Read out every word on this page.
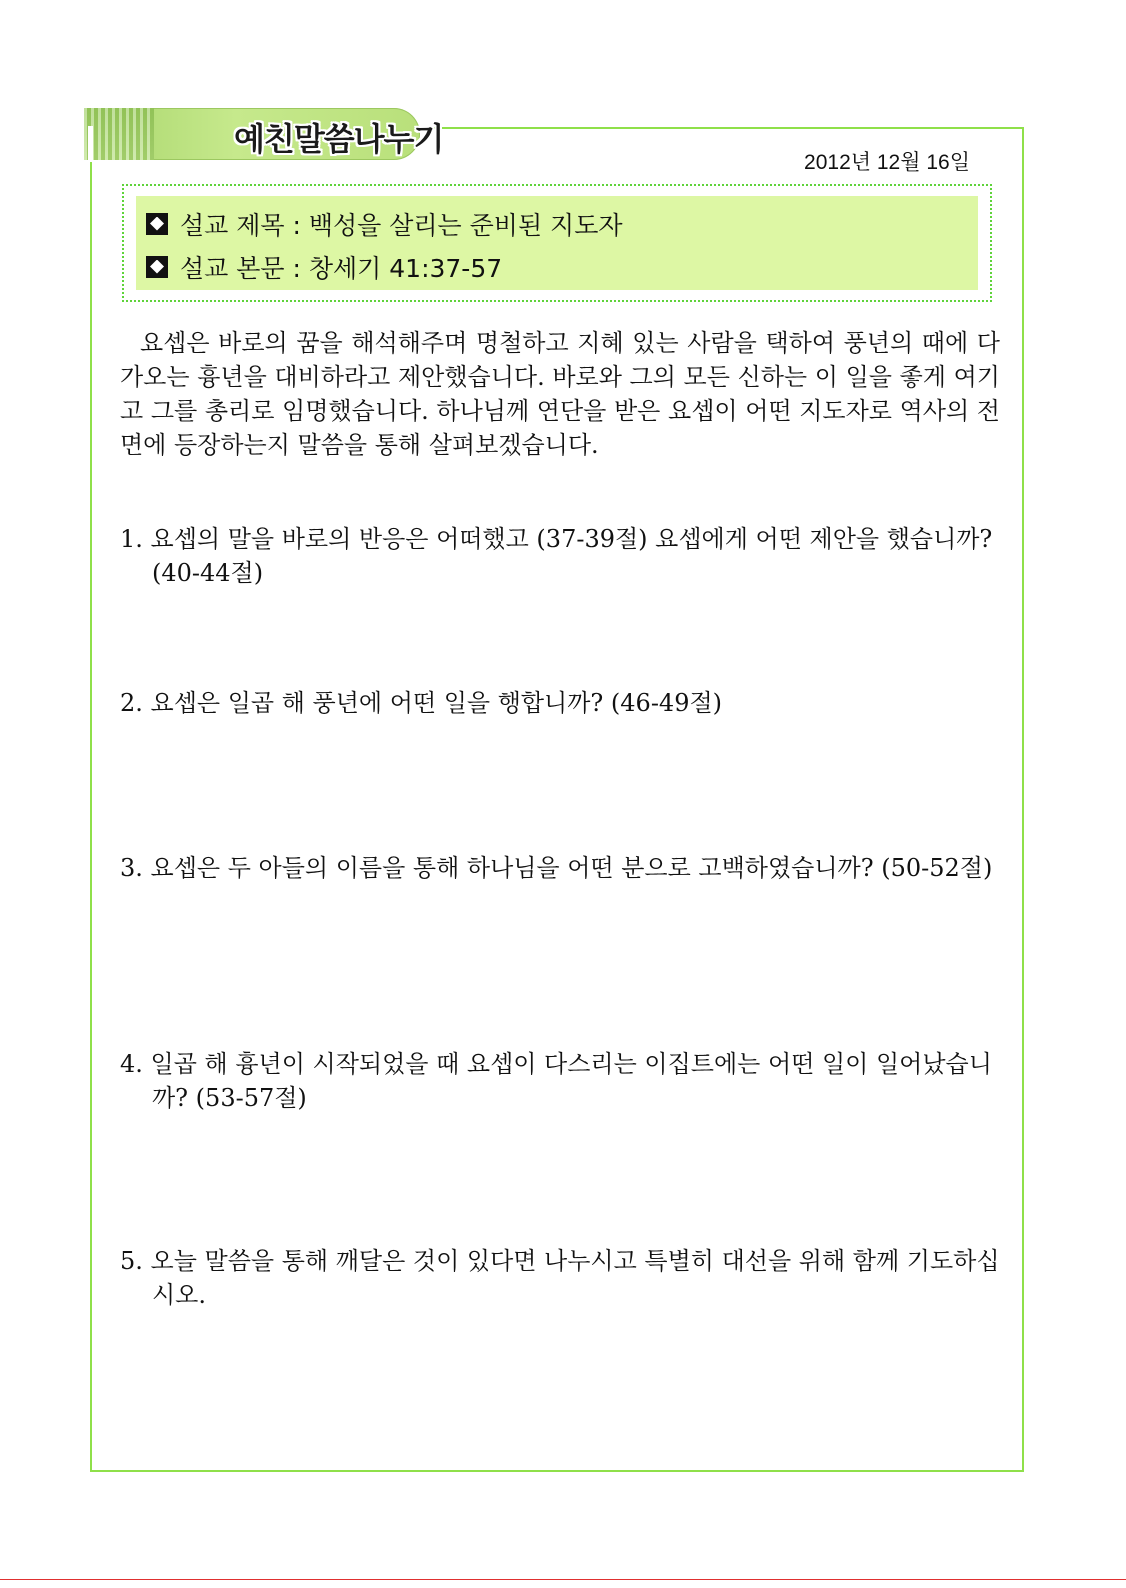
예친말씀나누기
2012년 12월 16일
설교 제목 : 백성을 살리는 준비된 지도자
설교 본문 : 창세기 41:37-57
요셉은 바로의 꿈을 해석해주며 명철하고 지혜 있는 사람을 택하여 풍년의 때에 다가오는 흉년을 대비하라고 제안했습니다. 바로와 그의 모든 신하는 이 일을 좋게 여기고 그를 총리로 임명했습니다. 하나님께 연단을 받은 요셉이 어떤 지도자로 역사의 전면에 등장하는지 말씀을 통해 살펴보겠습니다.
1. 요셉의 말을 바로의 반응은 어떠했고 (37-39절) 요셉에게 어떤 제안을 했습니까? (40-44절)
2. 요셉은 일곱 해 풍년에 어떤 일을 행합니까? (46-49절)
3. 요셉은 두 아들의 이름을 통해 하나님을 어떤 분으로 고백하였습니까? (50-52절)
4. 일곱 해 흉년이 시작되었을 때 요셉이 다스리는 이집트에는 어떤 일이 일어났습니까? (53-57절)
5. 오늘 말씀을 통해 깨달은 것이 있다면 나누시고 특별히 대선을 위해 함께 기도하십시오.
